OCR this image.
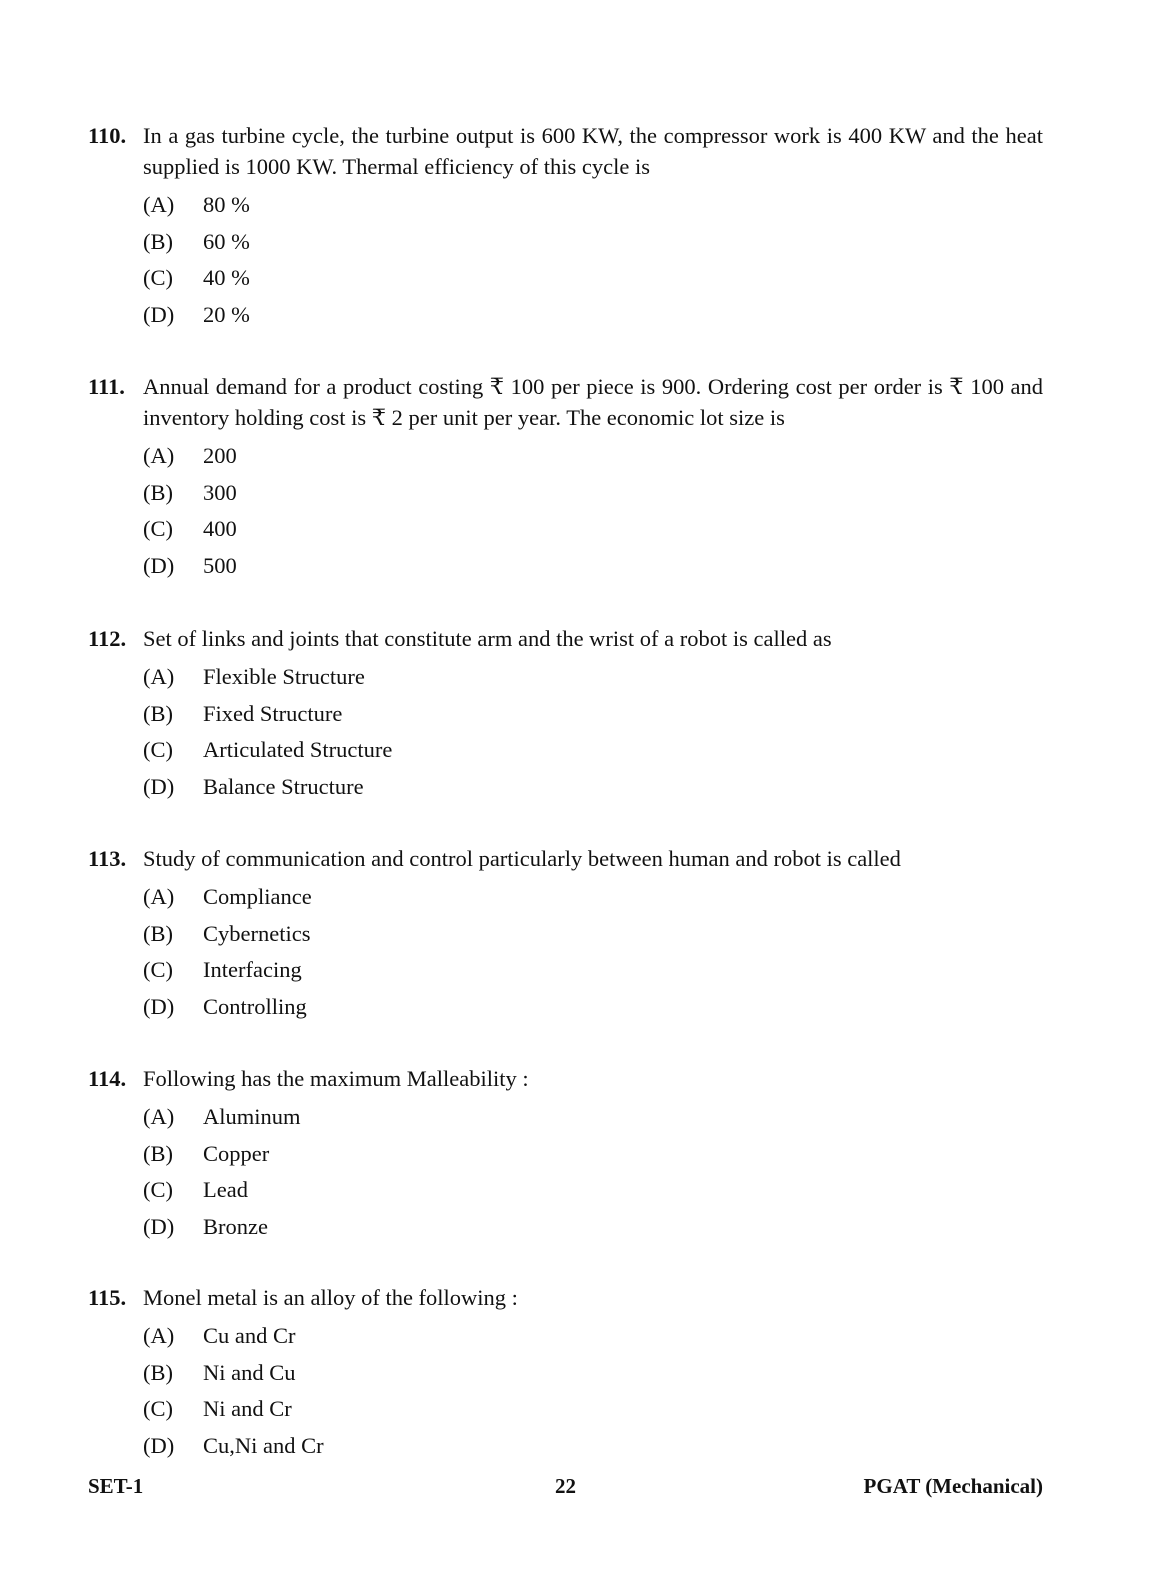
110. In a gas turbine cycle, the turbine output is 600 KW, the compressor work is 400 KW and the heat supplied is 1000 KW. Thermal efficiency of this cycle is
(A)	80 %
(B)	60 %
(C)	40 %
(D)	20 %
111. Annual demand for a product costing ₹ 100 per piece is 900. Ordering cost per order is ₹ 100 and inventory holding cost is ₹ 2 per unit per year. The economic lot size is
(A)	200
(B)	300
(C)	400
(D)	500
112. Set of links and joints that constitute arm and the wrist of a robot is called as
(A)	Flexible Structure
(B)	Fixed Structure
(C)	Articulated Structure
(D)	Balance Structure
113. Study of communication and control particularly between human and robot is called
(A)	Compliance
(B)	Cybernetics
(C)	Interfacing
(D)	Controlling
114. Following has the maximum Malleability :
(A)	Aluminum
(B)	Copper
(C)	Lead
(D)	Bronze
115. Monel metal is an alloy of the following :
(A)	Cu and Cr
(B)	Ni and Cu
(C)	Ni and Cr
(D)	Cu,Ni and Cr
SET-1	22	PGAT (Mechanical)
